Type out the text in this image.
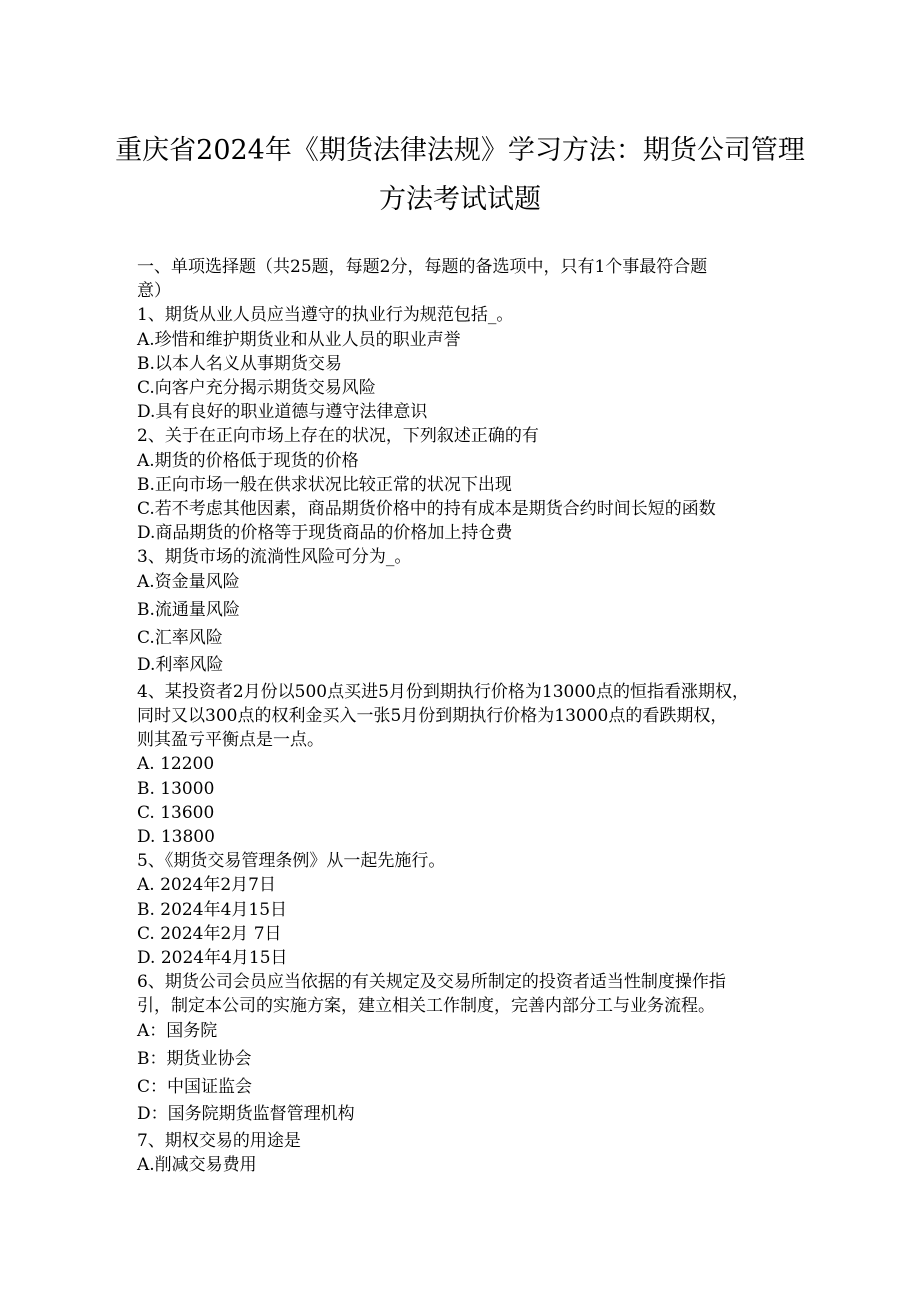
重庆省2024年《期货法律法规》学习方法：期货公司管理
方法考试试题

一、单项选择题（共25题，每题2分，每题的备选项中，只有1个事最符合题

意）

1、期货从业人员应当遵守的执业行为规范包括_。

A.珍惜和维护期货业和从业人员的职业声誉

B.以本人名义从事期货交易

C.向客户充分揭示期货交易风险

D.具有良好的职业道德与遵守法律意识

2、关于在正向市场上存在的状况，下列叙述正确的有

A.期货的价格低于现货的价格

B.正向市场一般在供求状况比较正常的状况下出现

C.若不考虑其他因素，商品期货价格中的持有成本是期货合约时间长短的函数

D.商品期货的价格等于现货商品的价格加上持仓费

3、期货市场的流淌性风险可分为_。

A.资金量风险

B.流通量风险

C.汇率风险

D.利率风险

4、某投资者2月份以500点买进5月份到期执行价格为13000点的恒指看涨期权，

同时又以300点的权利金买入一张5月份到期执行价格为13000点的看跌期权，

则其盈亏平衡点是一点。

A. 12200

B. 13000

C. 13600

D. 13800

5、《期货交易管理条例》从一起先施行。

A. 2024年2月7日

B. 2024年4月15日

C. 2024年2月 7日

D. 2024年4月15日

6、期货公司会员应当依据的有关规定及交易所制定的投资者适当性制度操作指

引，制定本公司的实施方案，建立相关工作制度，完善内部分工与业务流程。

A：国务院

B：期货业协会

C：中国证监会

D：国务院期货监督管理机构

7、期权交易的用途是

A.削减交易费用
